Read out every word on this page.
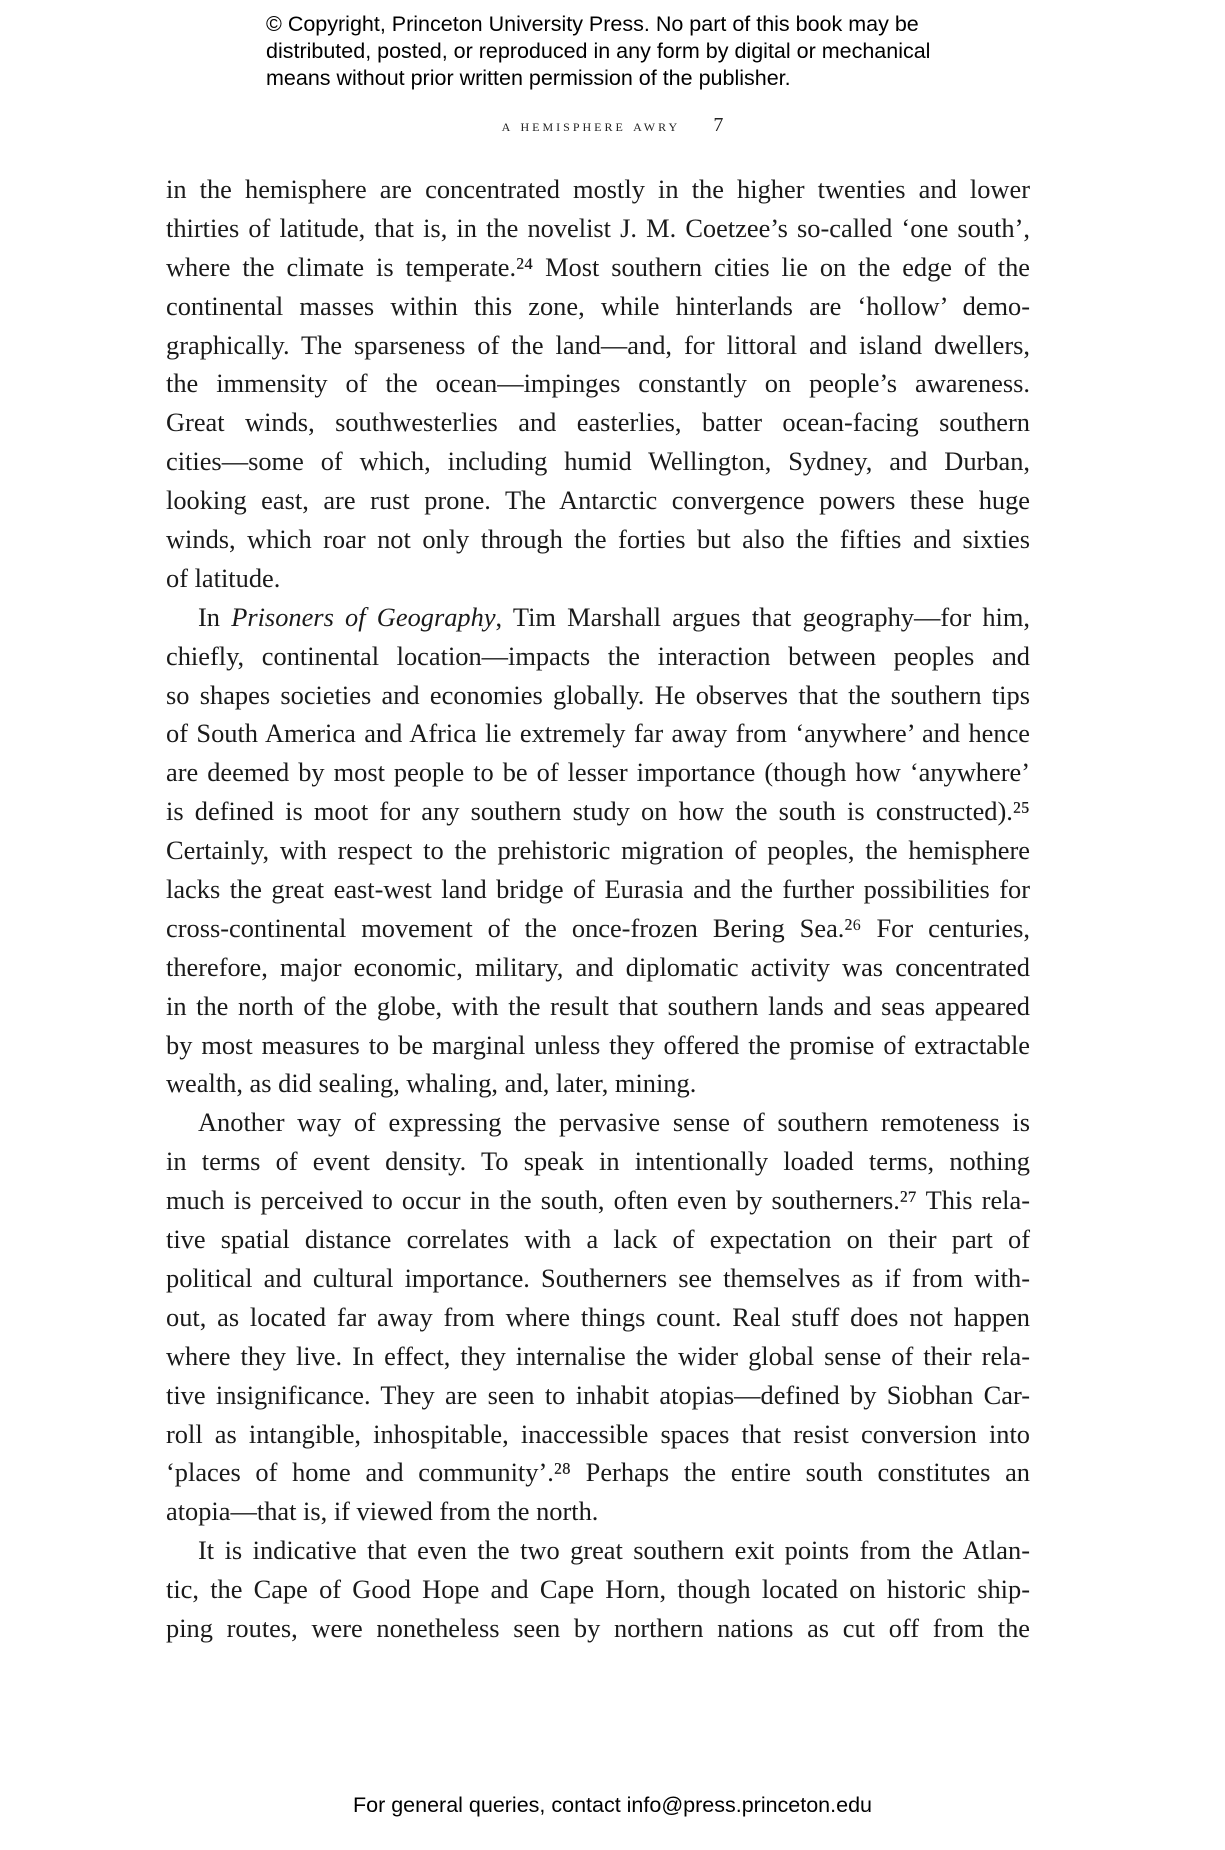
© Copyright, Princeton University Press. No part of this book may be
distributed, posted, or reproduced in any form by digital or mechanical
means without prior written permission of the publisher.
a hemisphere awry 7
in the hemisphere are concentrated mostly in the higher twenties and lower
thirties of latitude, that is, in the novelist J. M. Coetzee’s so-called ‘one south’,
where the climate is temperate.²⁴ Most southern cities lie on the edge of the
continental masses within this zone, while hinterlands are ‘hollow’ demo-
graphically. The sparseness of the land—and, for littoral and island dwellers,
the immensity of the ocean—impinges constantly on people’s awareness.
Great winds, southwesterlies and easterlies, batter ocean-facing southern
cities—some of which, including humid Wellington, Sydney, and Durban,
looking east, are rust prone. The Antarctic convergence powers these huge
winds, which roar not only through the forties but also the fifties and sixties
of latitude.
In Prisoners of Geography, Tim Marshall argues that geography—for him,
chiefly, continental location—impacts the interaction between peoples and
so shapes societies and economies globally. He observes that the southern tips
of South America and Africa lie extremely far away from ‘anywhere’ and hence
are deemed by most people to be of lesser importance (though how ‘anywhere’
is defined is moot for any southern study on how the south is constructed).²⁵
Certainly, with respect to the prehistoric migration of peoples, the hemisphere
lacks the great east-west land bridge of Eurasia and the further possibilities for
cross-continental movement of the once-frozen Bering Sea.²⁶ For centuries,
therefore, major economic, military, and diplomatic activity was concentrated
in the north of the globe, with the result that southern lands and seas appeared
by most measures to be marginal unless they offered the promise of extractable
wealth, as did sealing, whaling, and, later, mining.
Another way of expressing the pervasive sense of southern remoteness is
in terms of event density. To speak in intentionally loaded terms, nothing
much is perceived to occur in the south, often even by southerners.²⁷ This rela-
tive spatial distance correlates with a lack of expectation on their part of
political and cultural importance. Southerners see themselves as if from with-
out, as located far away from where things count. Real stuff does not happen
where they live. In effect, they internalise the wider global sense of their rela-
tive insignificance. They are seen to inhabit atopias—defined by Siobhan Car-
roll as intangible, inhospitable, inaccessible spaces that resist conversion into
‘places of home and community’.²⁸ Perhaps the entire south constitutes an
atopia—that is, if viewed from the north.
It is indicative that even the two great southern exit points from the Atlan-
tic, the Cape of Good Hope and Cape Horn, though located on historic ship-
ping routes, were nonetheless seen by northern nations as cut off from the
For general queries, contact info@press.princeton.edu
